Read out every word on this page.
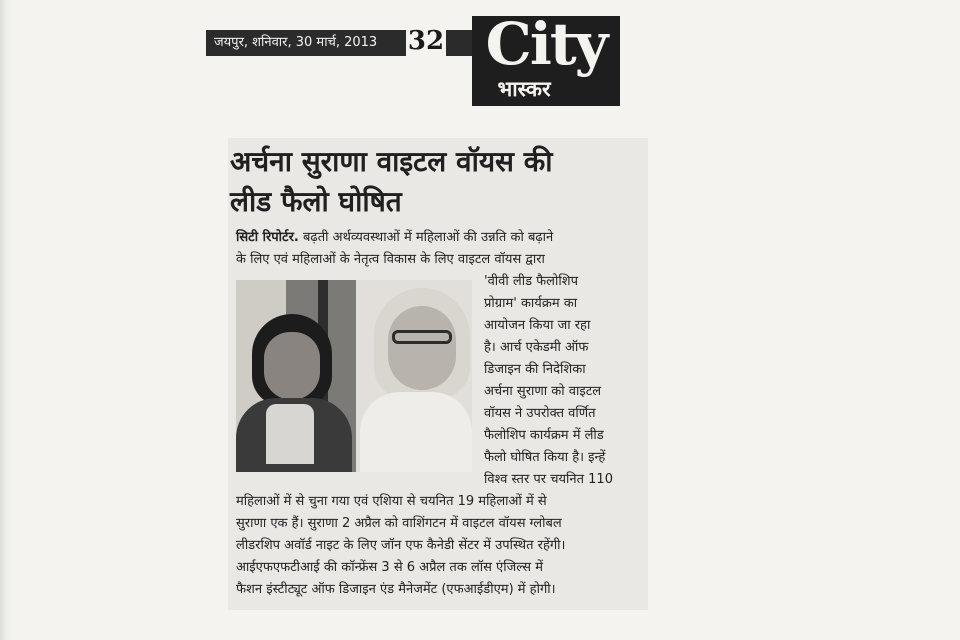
जयपुर, शनिवार, 30 मार्च, 2013	32 City
भास्कर
अर्चना सुराणा वाइटल वॉयस की
लीड फैलो घोषित
सिटी रिपोर्टर. बढ़ती अर्थव्यवस्थाओं में महिलाओं की उन्नति को बढ़ाने
के लिए एवं महिलाओं के नेतृत्व विकास के लिए वाइटल वॉयस द्वारा
'वीवी लीड फैलोशिप
प्रोग्राम' कार्यक्रम का
आयोजन किया जा रहा
है। आर्च एकेडमी ऑफ
डिजाइन की निदेशिका
अर्चना सुराणा को वाइटल
वॉयस ने उपरोक्त वर्णित
फैलोशिप कार्यक्रम में लीड
फैलो घोषित किया है। इन्हें
विश्व स्तर पर चयनित 110
महिलाओं में से चुना गया एवं एशिया से चयनित 19 महिलाओं में से
सुराणा एक हैं। सुराणा 2 अप्रैल को वाशिंगटन में वाइटल वॉयस ग्लोबल
लीडरशिप अवॉर्ड नाइट के लिए जॉन एफ कैनेडी सेंटर में उपस्थित रहेंगी।
आईएफएफटीआई की कॉन्फ्रेंस 3 से 6 अप्रैल तक लॉस एंजिल्स में
फैशन इंस्टीट्यूट ऑफ डिजाइन एंड मैनेजमेंट (एफआईडीएम) में होगी।
